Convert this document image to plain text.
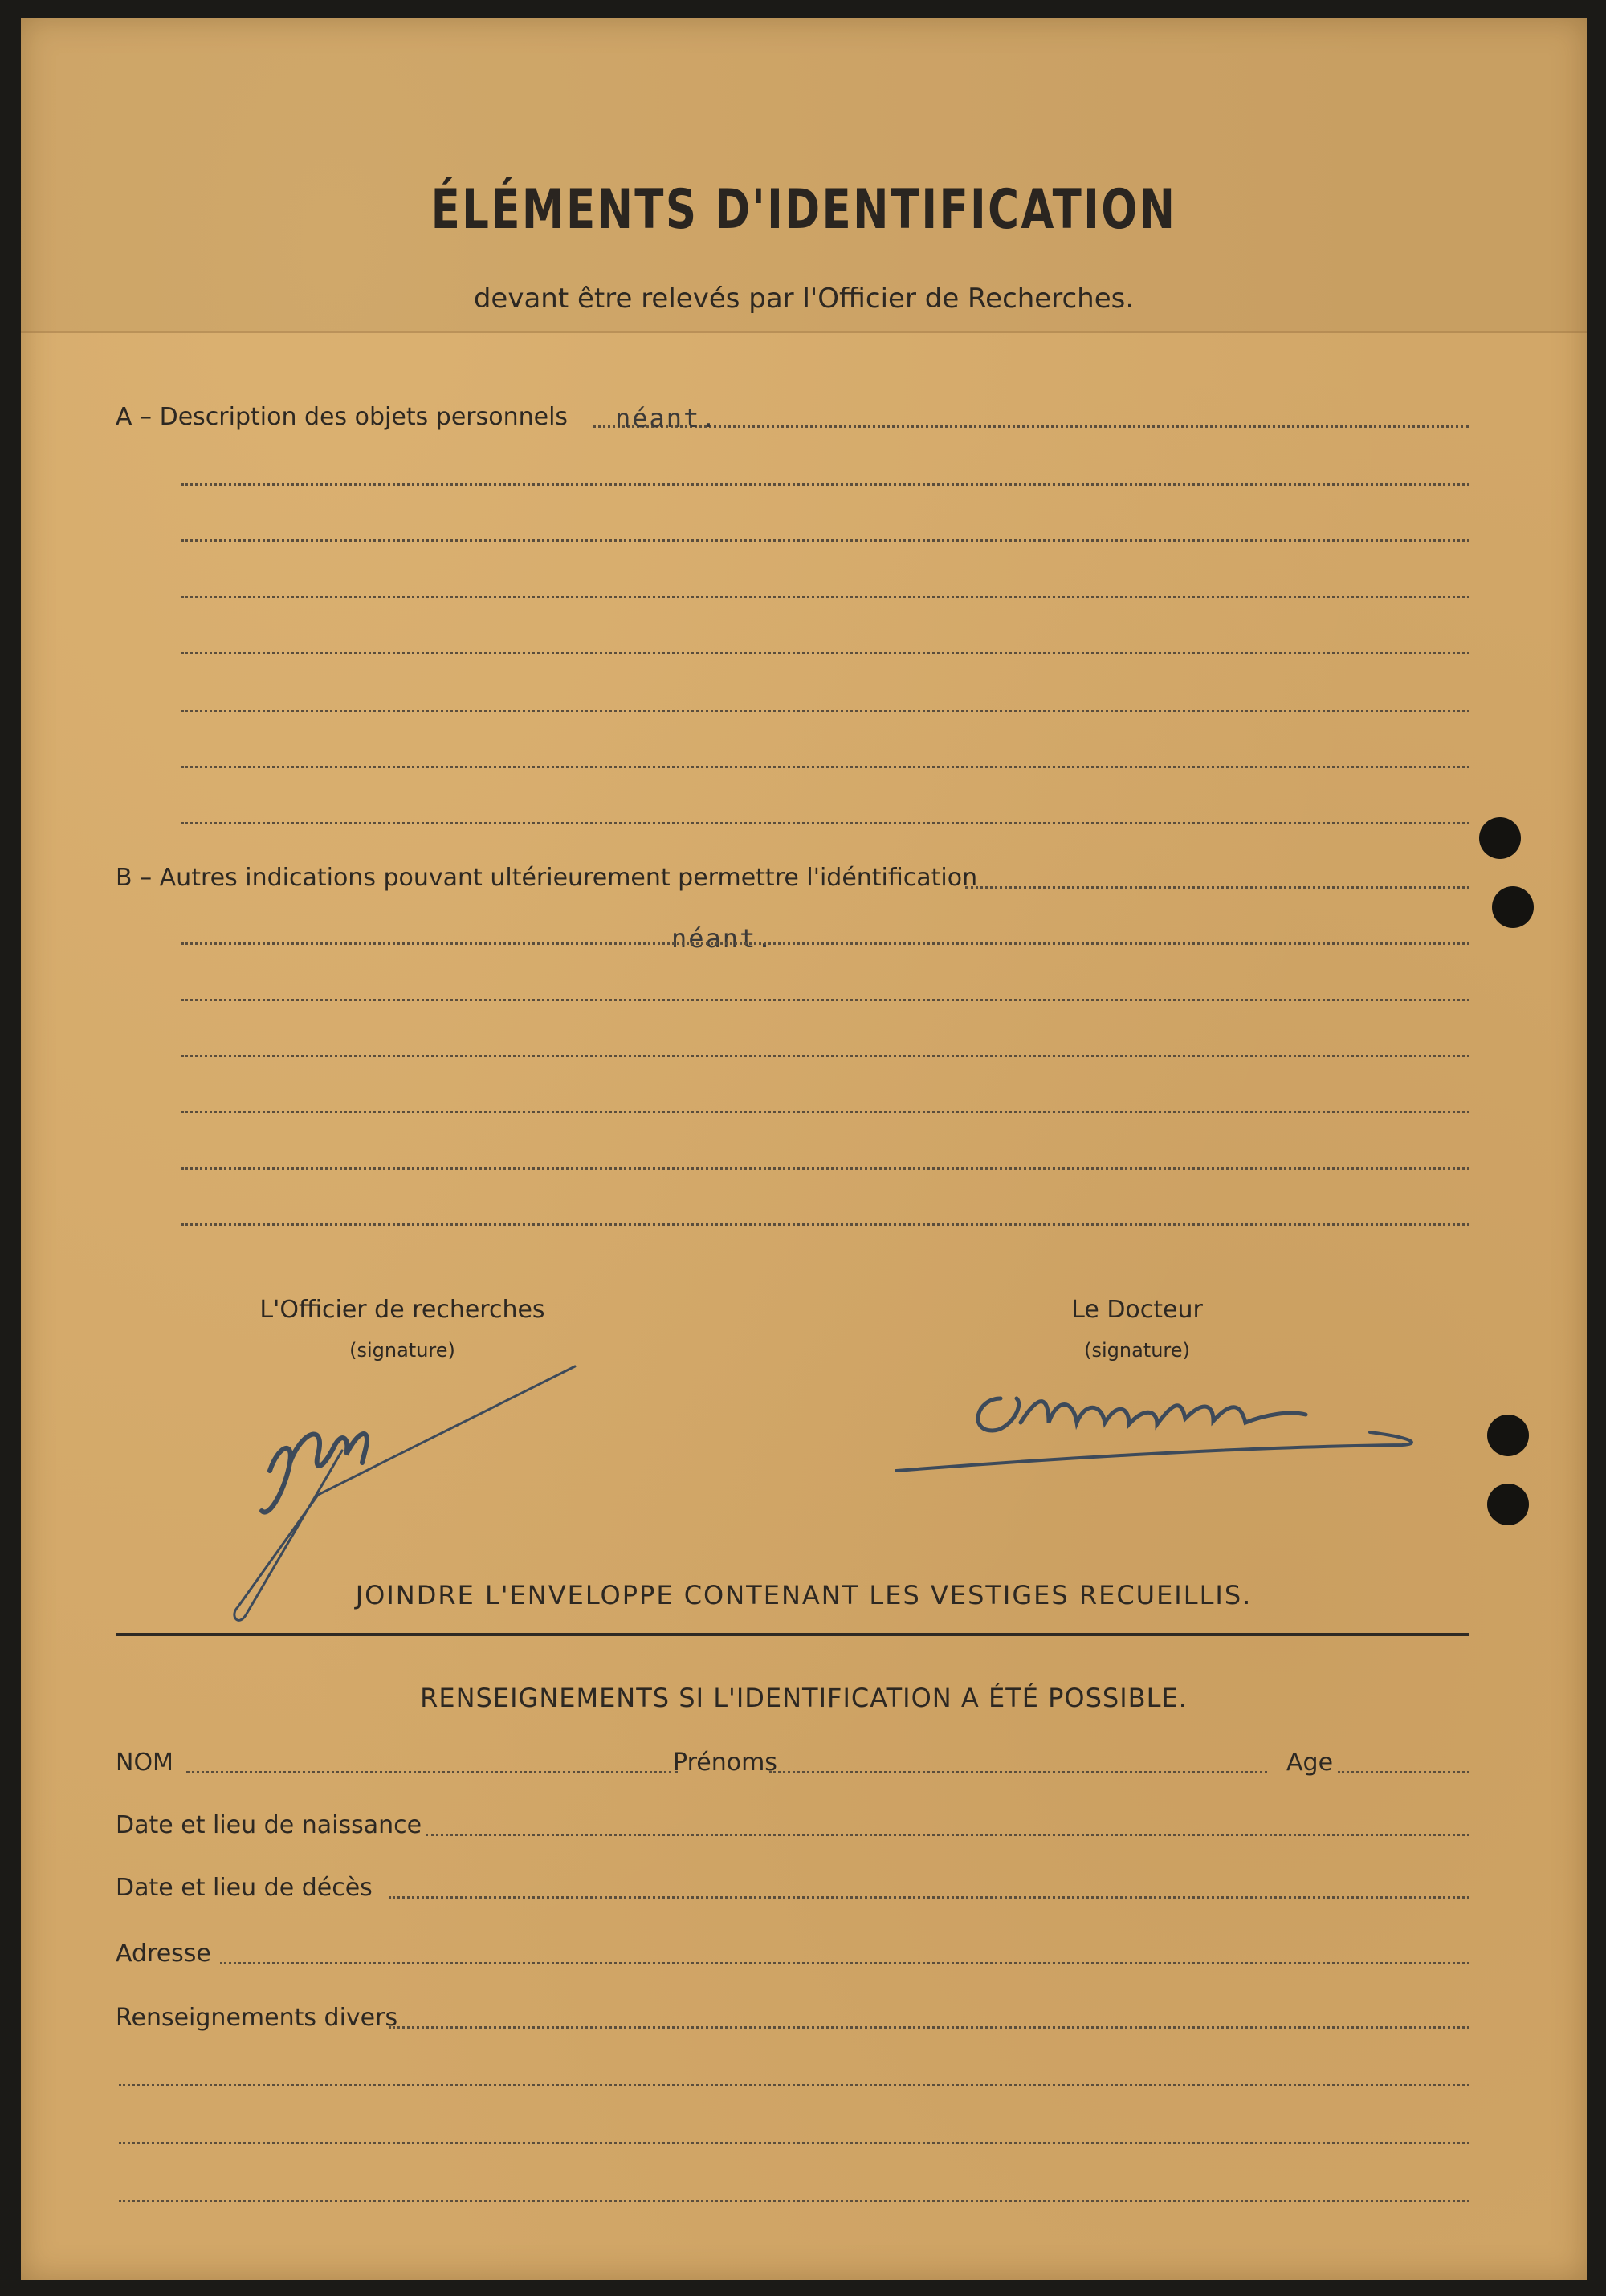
ÉLÉMENTS D'IDENTIFICATION
devant être relevés par l'Officier de Recherches.
A – Description des objets personnels néant.
B – Autres indications pouvant ultérieurement permettre l'idéntification
néant.
L'Officier de recherches
(signature)
Le Docteur
(signature)
JOINDRE L'ENVELOPPE CONTENANT LES VESTIGES RECUEILLIS.
RENSEIGNEMENTS SI L'IDENTIFICATION A ÉTÉ POSSIBLE.
NOM	Prénoms	Age
Date et lieu de naissance
Date et lieu de décès
Adresse
Renseignements divers
